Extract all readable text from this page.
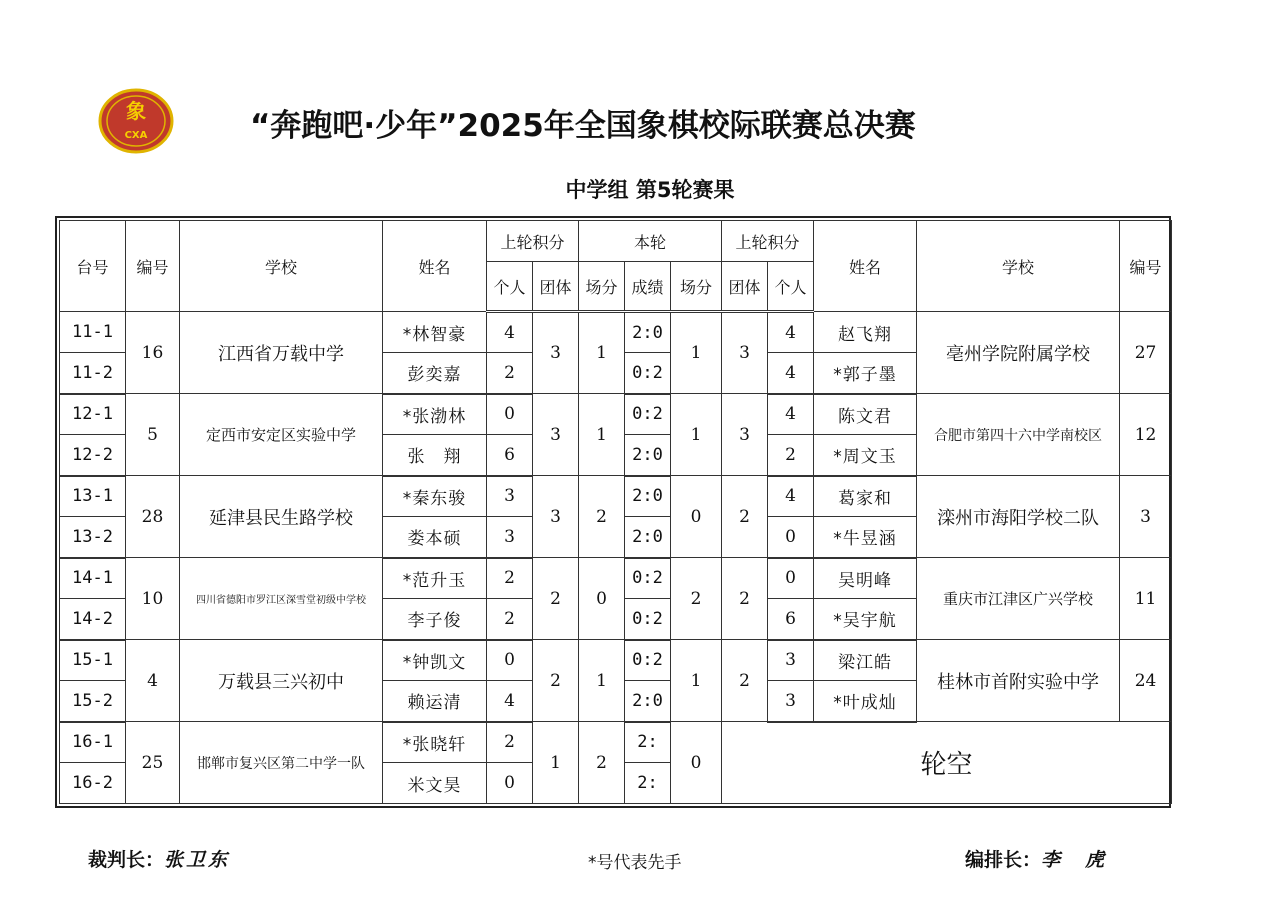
象
CXA	“奔跑吧·少年”2025年全国象棋校际联赛总决赛
中学组 第5轮赛果
台号	编号	学校	姓名	上轮积分		本轮			上轮积分		姓名	学校	编号
				个人	团体	场分	成绩	场分	团体	个人			
11-1	16	江西省万载中学	*林智豪	4	3	1	2:0	1	3	4	赵飞翔	亳州学院附属学校	27
11-2			彭奕嘉	2			0:2			4	*郭子墨		
12-1	5	定西市安定区实验中学	*张渤林	0	3	1	0:2	1	3	4	陈文君	合肥市第四十六中学南校区	12
12-2			张　翔	6			2:0			2	*周文玉		
13-1	28	延津县民生路学校	*秦东骏	3	3	2	2:0	0	2	4	葛家和	滦州市海阳学校二队	3
13-2			娄本硕	3			2:0			0	*牛昱涵		
14-1	10	四川省德阳市罗江区深雪堂初级中学校	*范升玉	2	2	0	0:2	2	2	0	吴明峰	重庆市江津区广兴学校	11
14-2			李子俊	2			0:2			6	*吴宇航		
15-1	4	万载县三兴初中	*钟凯文	0	2	1	0:2	1	2	3	梁江皓	桂林市首附实验中学	24
15-2			赖运清	4			2:0			3	*叶成灿		
16-1	25	邯郸市复兴区第二中学一队	*张晓轩	2	1	2	2:	0	轮空				
16-2			米文昊	0			2:						
裁判长：张卫东	*号代表先手	编排长：李　虎
